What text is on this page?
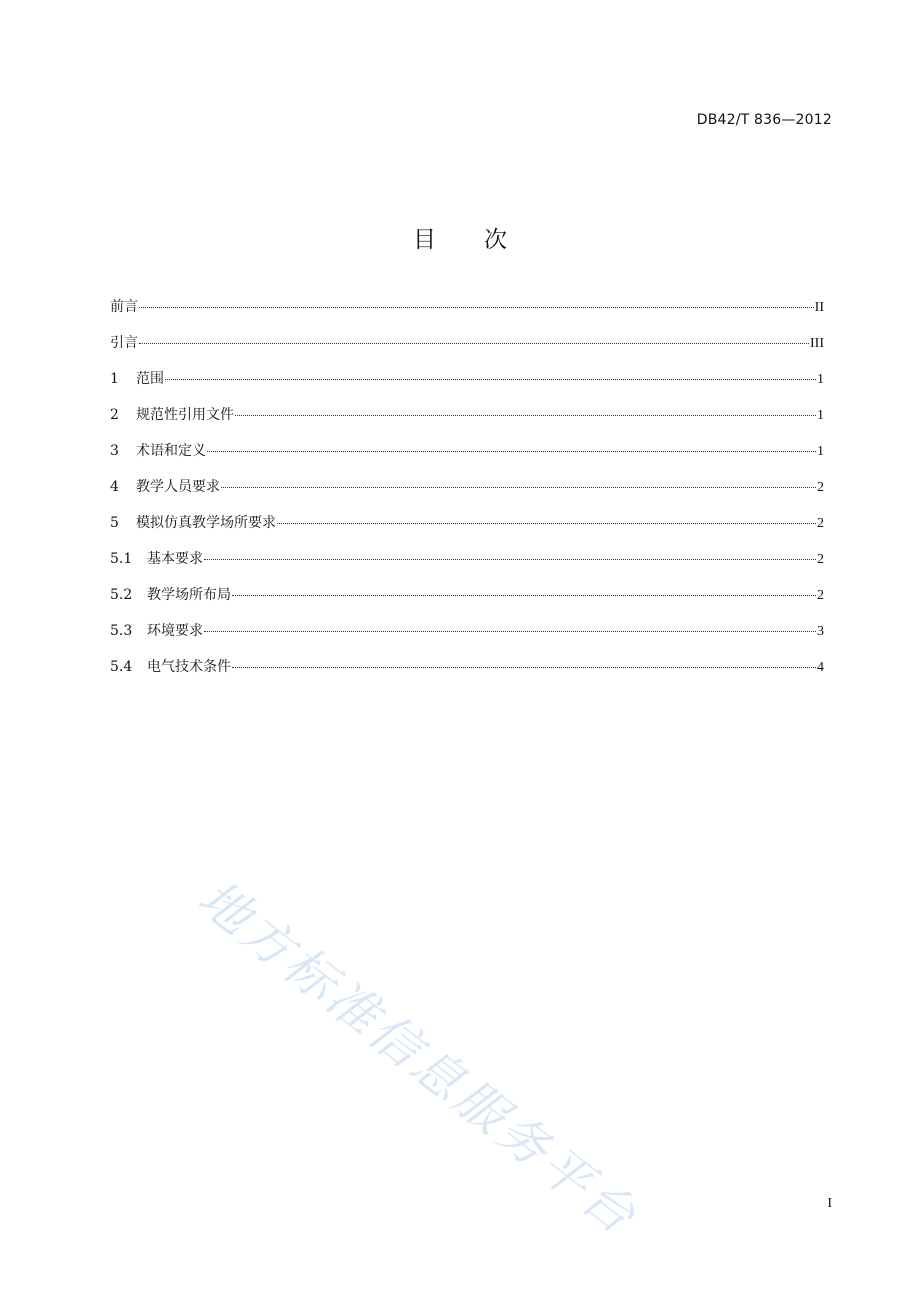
DB42/T 836—2012
目次
前言	II
引言	III
1	范围	1
2	规范性引用文件	1
3	术语和定义	1
4	教学人员要求	2
5	模拟仿真教学场所要求	2
5.1	基本要求	2
5.2	教学场所布局	2
5.3	环境要求	3
5.4	电气技术条件	4
地方标准信息服务平台	I
